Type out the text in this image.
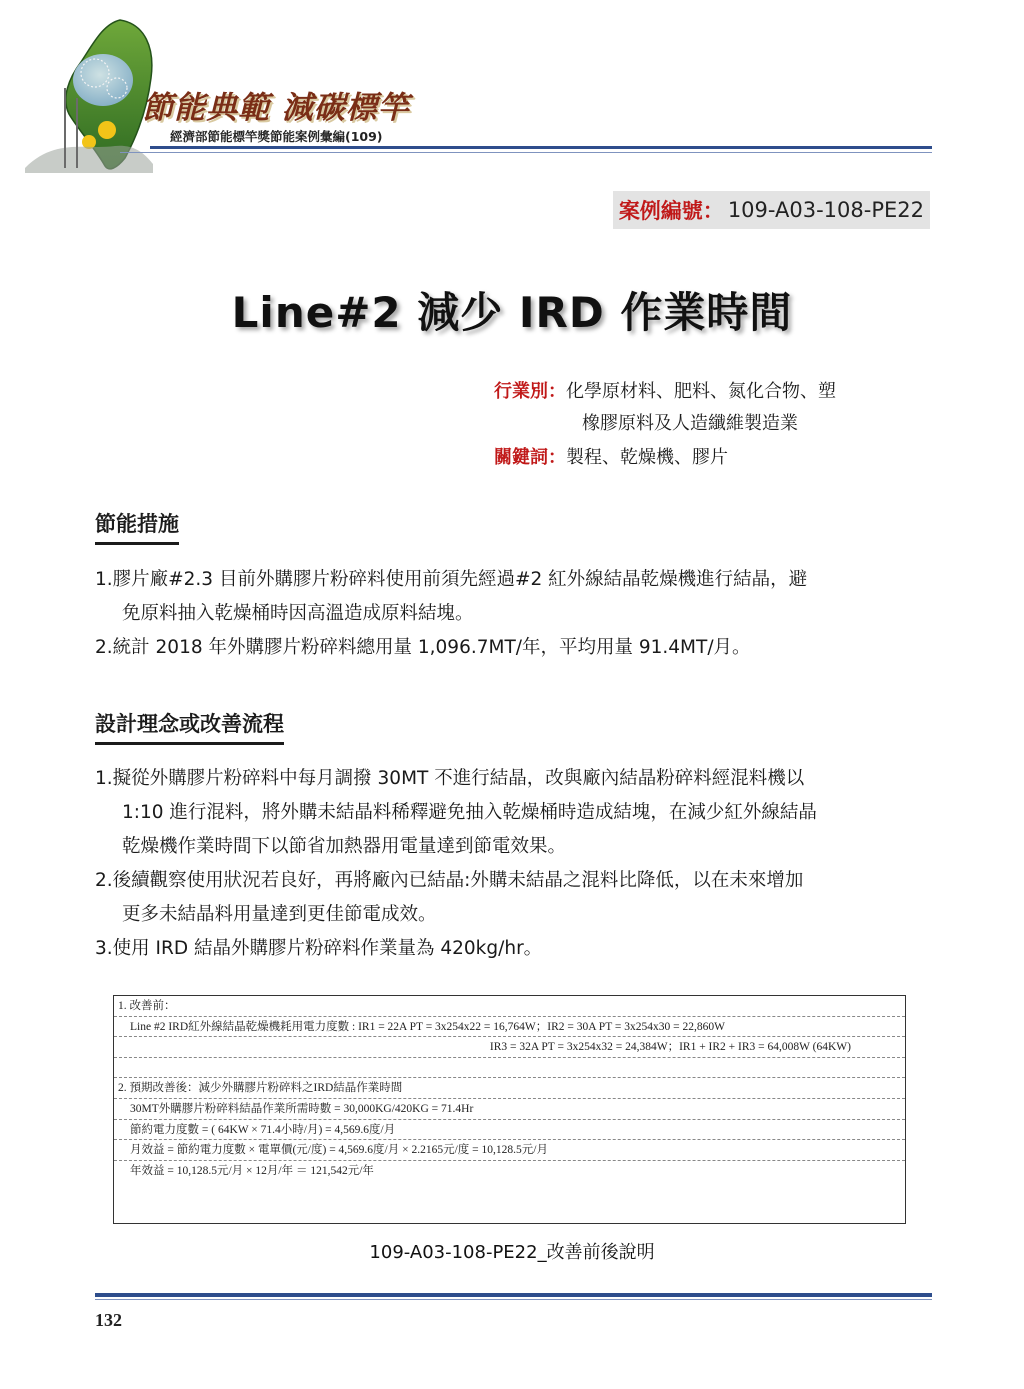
節能典範 減碳標竿
經濟部節能標竿獎節能案例彙編(109)
案例編號： 109-A03-108-PE22
Line#2 減少 IRD 作業時間
行業別：化學原材料、肥料、氮化合物、塑
橡膠原料及人造纖維製造業
關鍵詞：製程、乾燥機、膠片
節能措施
1.膠片廠#2.3 目前外購膠片粉碎料使用前須先經過#2 紅外線結晶乾燥機進行結晶，避
免原料抽入乾燥桶時因高溫造成原料結塊。
2.統計 2018 年外購膠片粉碎料總用量 1,096.7MT/年，平均用量 91.4MT/月。
設計理念或改善流程
1.擬從外購膠片粉碎料中每月調撥 30MT 不進行結晶，改與廠內結晶粉碎料經混料機以
1:10 進行混料，將外購未結晶料稀釋避免抽入乾燥桶時造成結塊，在減少紅外線結晶
乾燥機作業時間下以節省加熱器用電量達到節電效果。
2.後續觀察使用狀況若良好，再將廠內已結晶:外購未結晶之混料比降低，以在未來增加
更多未結晶料用量達到更佳節電成效。
3.使用 IRD 結晶外購膠片粉碎料作業量為 420kg/hr。
1. 改善前：
Line #2 IRD紅外線結晶乾燥機耗用電力度數 : IR1 = 22A PT = 3x254x22 = 16,764W；IR2 = 30A PT = 3x254x30 = 22,860W
IR3 = 32A PT = 3x254x32 = 24,384W；IR1 + IR2 + IR3 = 64,008W (64KW)
2. 預期改善後：減少外購膠片粉碎料之IRD結晶作業時間
30MT外購膠片粉碎料結晶作業所需時數 = 30,000KG/420KG = 71.4Hr
節約電力度數 = ( 64KW × 71.4小時/月) = 4,569.6度/月
月效益 = 節約電力度數 × 電單價(元/度) = 4,569.6度/月 × 2.2165元/度 = 10,128.5元/月
年效益 = 10,128.5元/月 × 12月/年 ＝ 121,542元/年
109-A03-108-PE22_改善前後說明
132
